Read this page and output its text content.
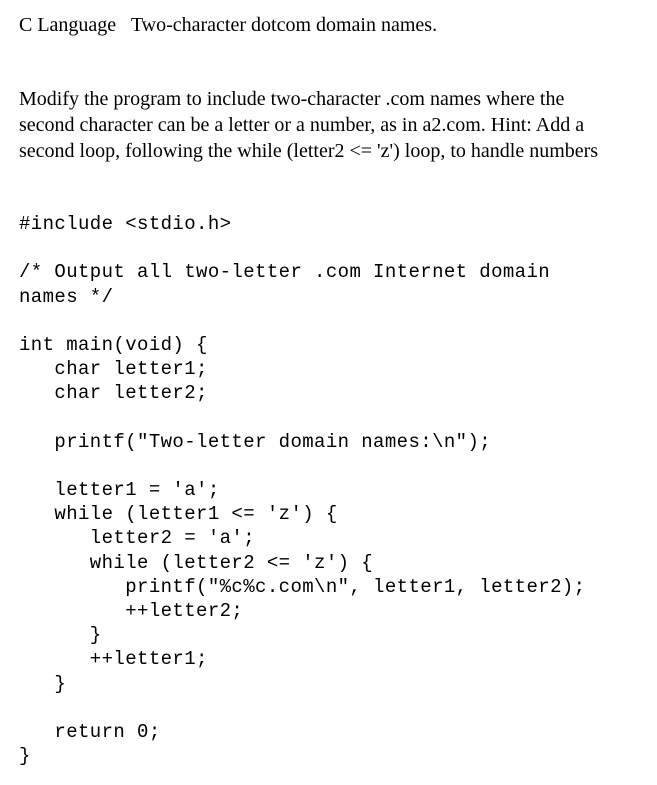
C Language   Two-character dotcom domain names.

Modify the program to include two-character .com names where the
second character can be a letter or a number, as in a2.com. Hint: Add a
second loop, following the while (letter2 <= 'z') loop, to handle numbers
#include <stdio.h>
/* Output all two-letter .com Internet domain
names */
int main(void) {
char letter1;
char letter2;
printf("Two-letter domain names:\n");
letter1 = 'a';
while (letter1 <= 'z') {
letter2 = 'a';
while (letter2 <= 'z') {
printf("%c%c.com\n", letter1, letter2);
++letter2;
}
++letter1;
}
return 0;
}
